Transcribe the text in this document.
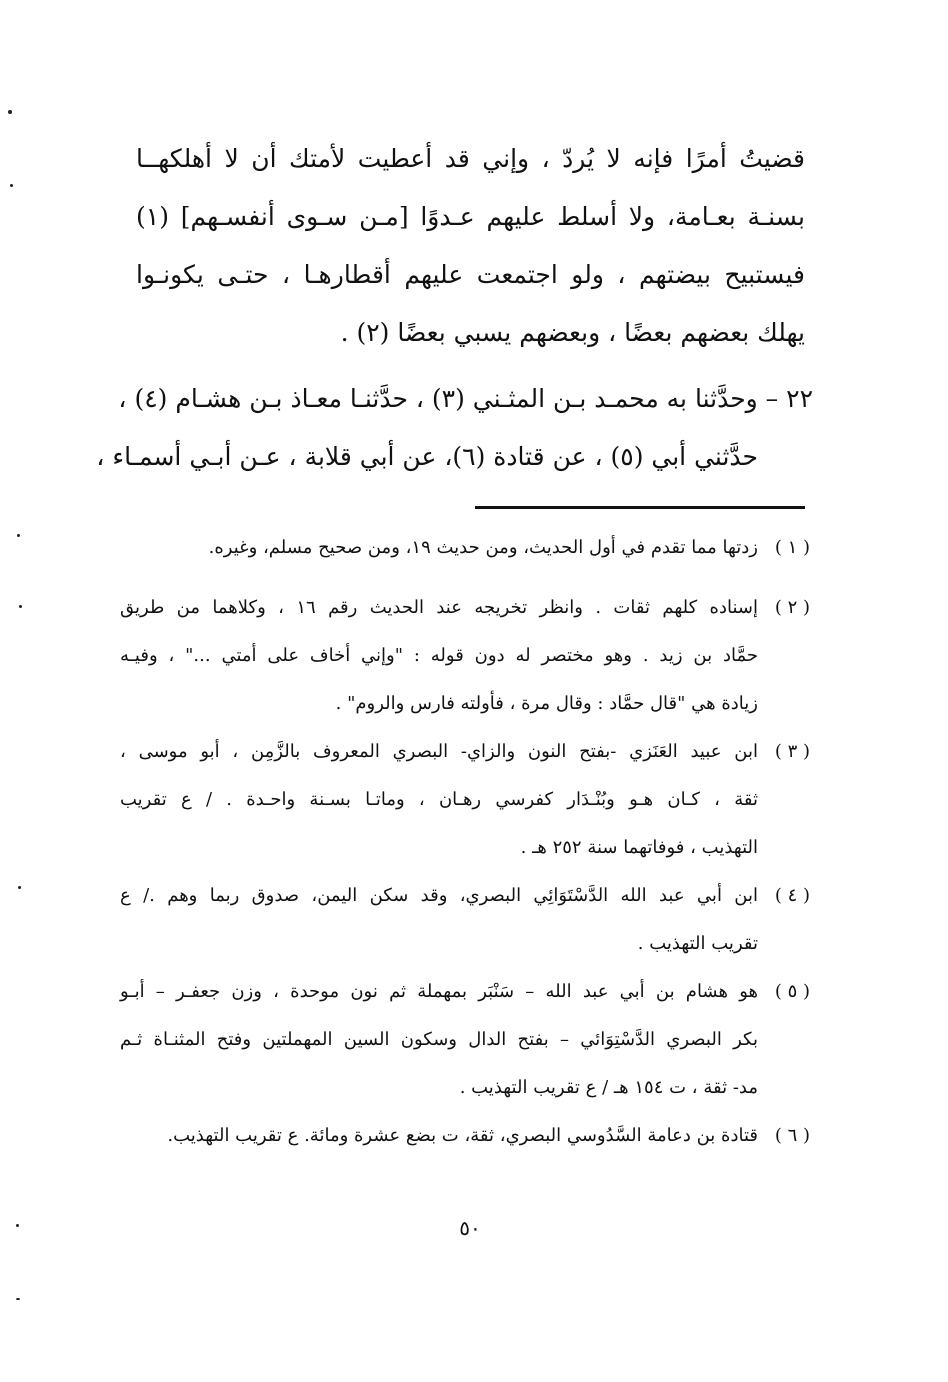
قضيتُ أمرًا فإنه لا يُردّ ، وإني قد أعطيت لأمتك أن لا أهلكهــا
بسنـة بعـامة، ولا أسلط عليهم عـدوًا [مـن سـوى أنفسـهم] (١)
فيستبيح بيضتهم ، ولو اجتمعت عليهم أقطارهـا ، حتـى يكونـوا
يهلك بعضهم بعضًا ، وبعضهم يسبي بعضًا (٢) .
٢٢ – وحدَّثنا به محمـد بـن المثـني (٣) ، حدَّثنـا معـاذ بـن هشـام (٤) ،
حدَّثني أبي (٥) ، عن قتادة (٦)، عن أبي قلابة ، عـن أبـي أسمـاء ،
( ١ )
زدتها مما تقدم في أول الحديث، ومن حديث ١٩، ومن صحيح مسلم، وغيره.
( ٢ )
إسناده كلهم ثقات . وانظر تخريجه عند الحديث رقم ١٦ ، وكلاهما من طريق
حمَّاد بن زيد . وهو مختصر له دون قوله : "وإني أخاف على أمتي ..." ، وفيـه
زيادة هي "قال حمَّاد : وقال مرة ، فأولته فارس والروم" .
( ٣ )
ابن عبيد العَنَزي -بفتح النون والزاي- البصري المعروف بالزَّمِن ، أبو موسى ،
ثقة ، كـان هـو وبُنْـدَار كفرسي رهـان ، وماتـا بسـنة واحـدة . / ع تقريب
التهذيب ، فوفاتهما سنة ٢٥٢ هـ .
( ٤ )
ابن أبي عبد الله الدَّسْتَوَائِي البصري، وقد سكن اليمن، صدوق ربما وهم ./ ع
تقريب التهذيب .
( ٥ )
هو هشام بن أبي عبد الله – سَنْبَر بمهملة ثم نون موحدة ، وزن جعفـر – أبـو
بكر البصري الدَّسْتِوَائي – بفتح الدال وسكون السين المهملتين وفتح المثنـاة ثـم
مد- ثقة ، ت ١٥٤ هـ / ع تقريب التهذيب .
( ٦ )
قتادة بن دعامة السَّدُوسي البصري، ثقة، ت بضع عشرة ومائة. ع تقريب التهذيب.
٥٠
